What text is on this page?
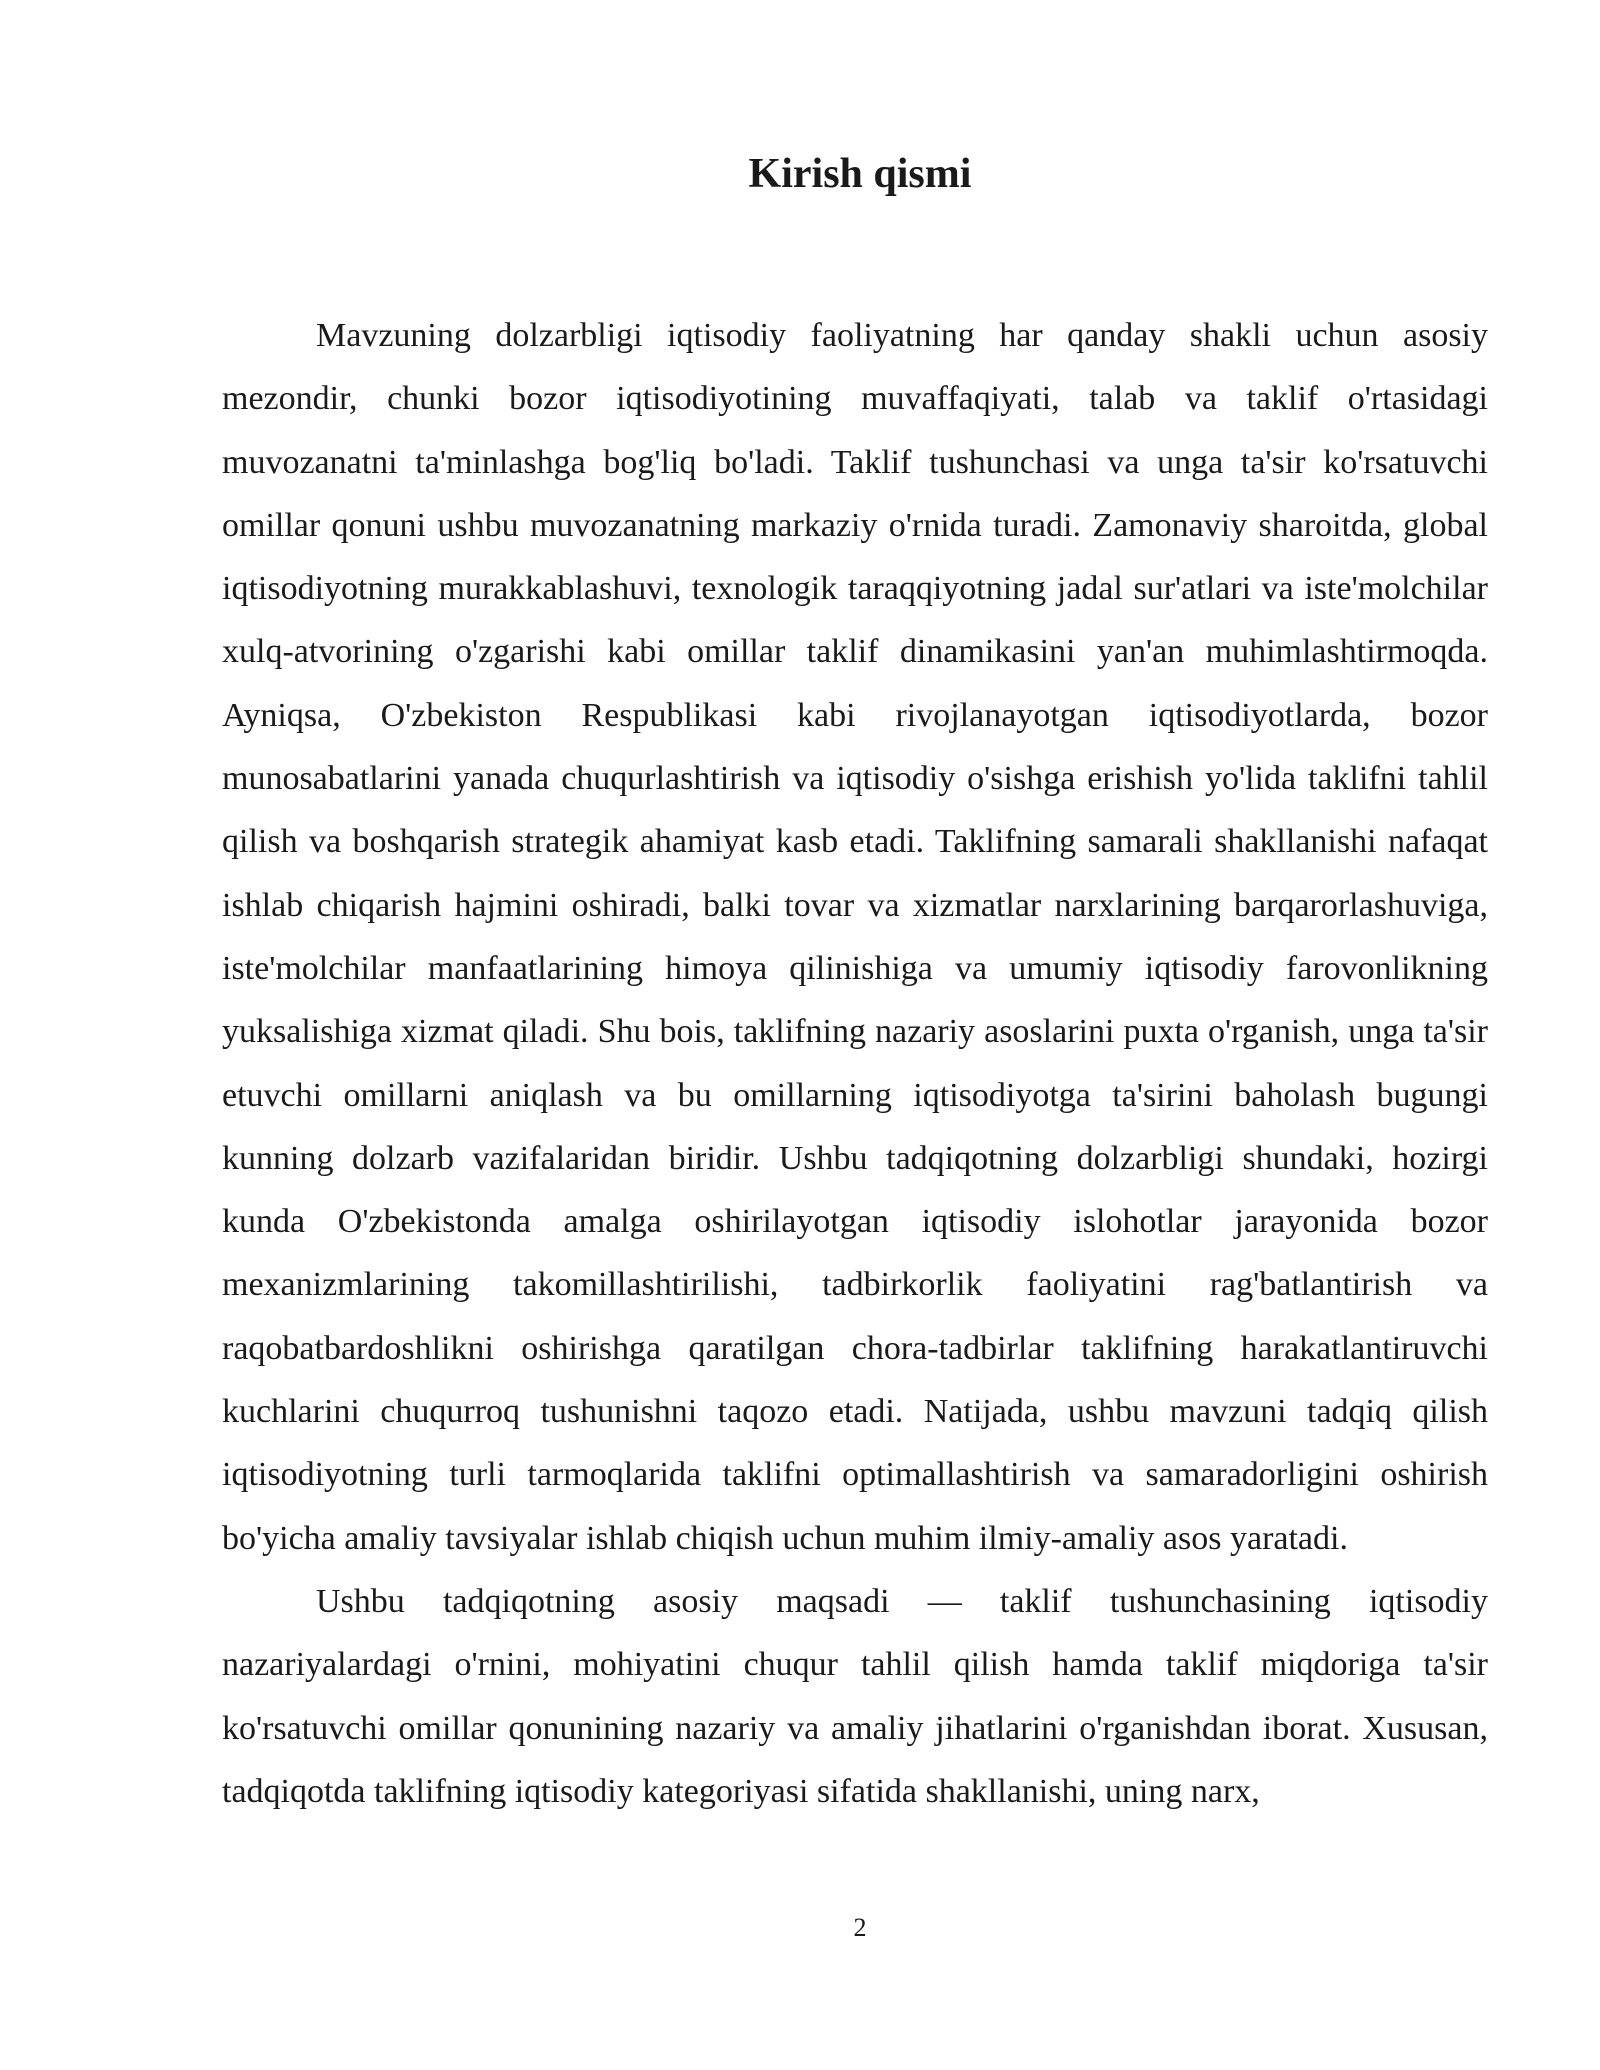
Kirish qismi

Mavzuning dolzarbligi iqtisodiy faoliyatning har qanday shakli uchun asosiy mezondir, chunki bozor iqtisodiyotining muvaffaqiyati, talab va taklif o'rtasidagi muvozanatni ta'minlashga bog'liq bo'ladi. Taklif tushunchasi va unga ta'sir ko'rsatuvchi omillar qonuni ushbu muvozanatning markaziy o'rnida turadi. Zamonaviy sharoitda, global iqtisodiyotning murakkablashuvi, texnologik taraqqiyotning jadal sur'atlari va iste'molchilar xulq-atvorining o'zgarishi kabi omillar taklif dinamikasini yan'an muhimlashtirmoqda. Ayniqsa, O'zbekiston Respublikasi kabi rivojlanayotgan iqtisodiyotlarda, bozor munosabatlarini yanada chuqurlashtirish va iqtisodiy o'sishga erishish yo'lida taklifni tahlil qilish va boshqarish strategik ahamiyat kasb etadi. Taklifning samarali shakllanishi nafaqat ishlab chiqarish hajmini oshiradi, balki tovar va xizmatlar narxlarining barqarorlashuviga, iste'molchilar manfaatlarining himoya qilinishiga va umumiy iqtisodiy farovonlikning yuksalishiga xizmat qiladi. Shu bois, taklifning nazariy asoslarini puxta o'rganish, unga ta'sir etuvchi omillarni aniqlash va bu omillarning iqtisodiyotga ta'sirini baholash bugungi kunning dolzarb vazifalaridan biridir. Ushbu tadqiqotning dolzarbligi shundaki, hozirgi kunda O'zbekistonda amalga oshirilayotgan iqtisodiy islohotlar jarayonida bozor mexanizmlarining takomillashtirilishi, tadbirkorlik faoliyatini rag'batlantirish va raqobatbardoshlikni oshirishga qaratilgan chora-tadbirlar taklifning harakatlantiruvchi kuchlarini chuqurroq tushunishni taqozo etadi. Natijada, ushbu mavzuni tadqiq qilish iqtisodiyotning turli tarmoqlarida taklifni optimallashtirish va samaradorligini oshirish bo'yicha amaliy tavsiyalar ishlab chiqish uchun muhim ilmiy-amaliy asos yaratadi.

Ushbu tadqiqotning asosiy maqsadi — taklif tushunchasining iqtisodiy nazariyalardagi o'rnini, mohiyatini chuqur tahlil qilish hamda taklif miqdoriga ta'sir ko'rsatuvchi omillar qonunining nazariy va amaliy jihatlarini o'rganishdan iborat. Xususan, tadqiqotda taklifning iqtisodiy kategoriyasi sifatida shakllanishi, uning narx,

2
